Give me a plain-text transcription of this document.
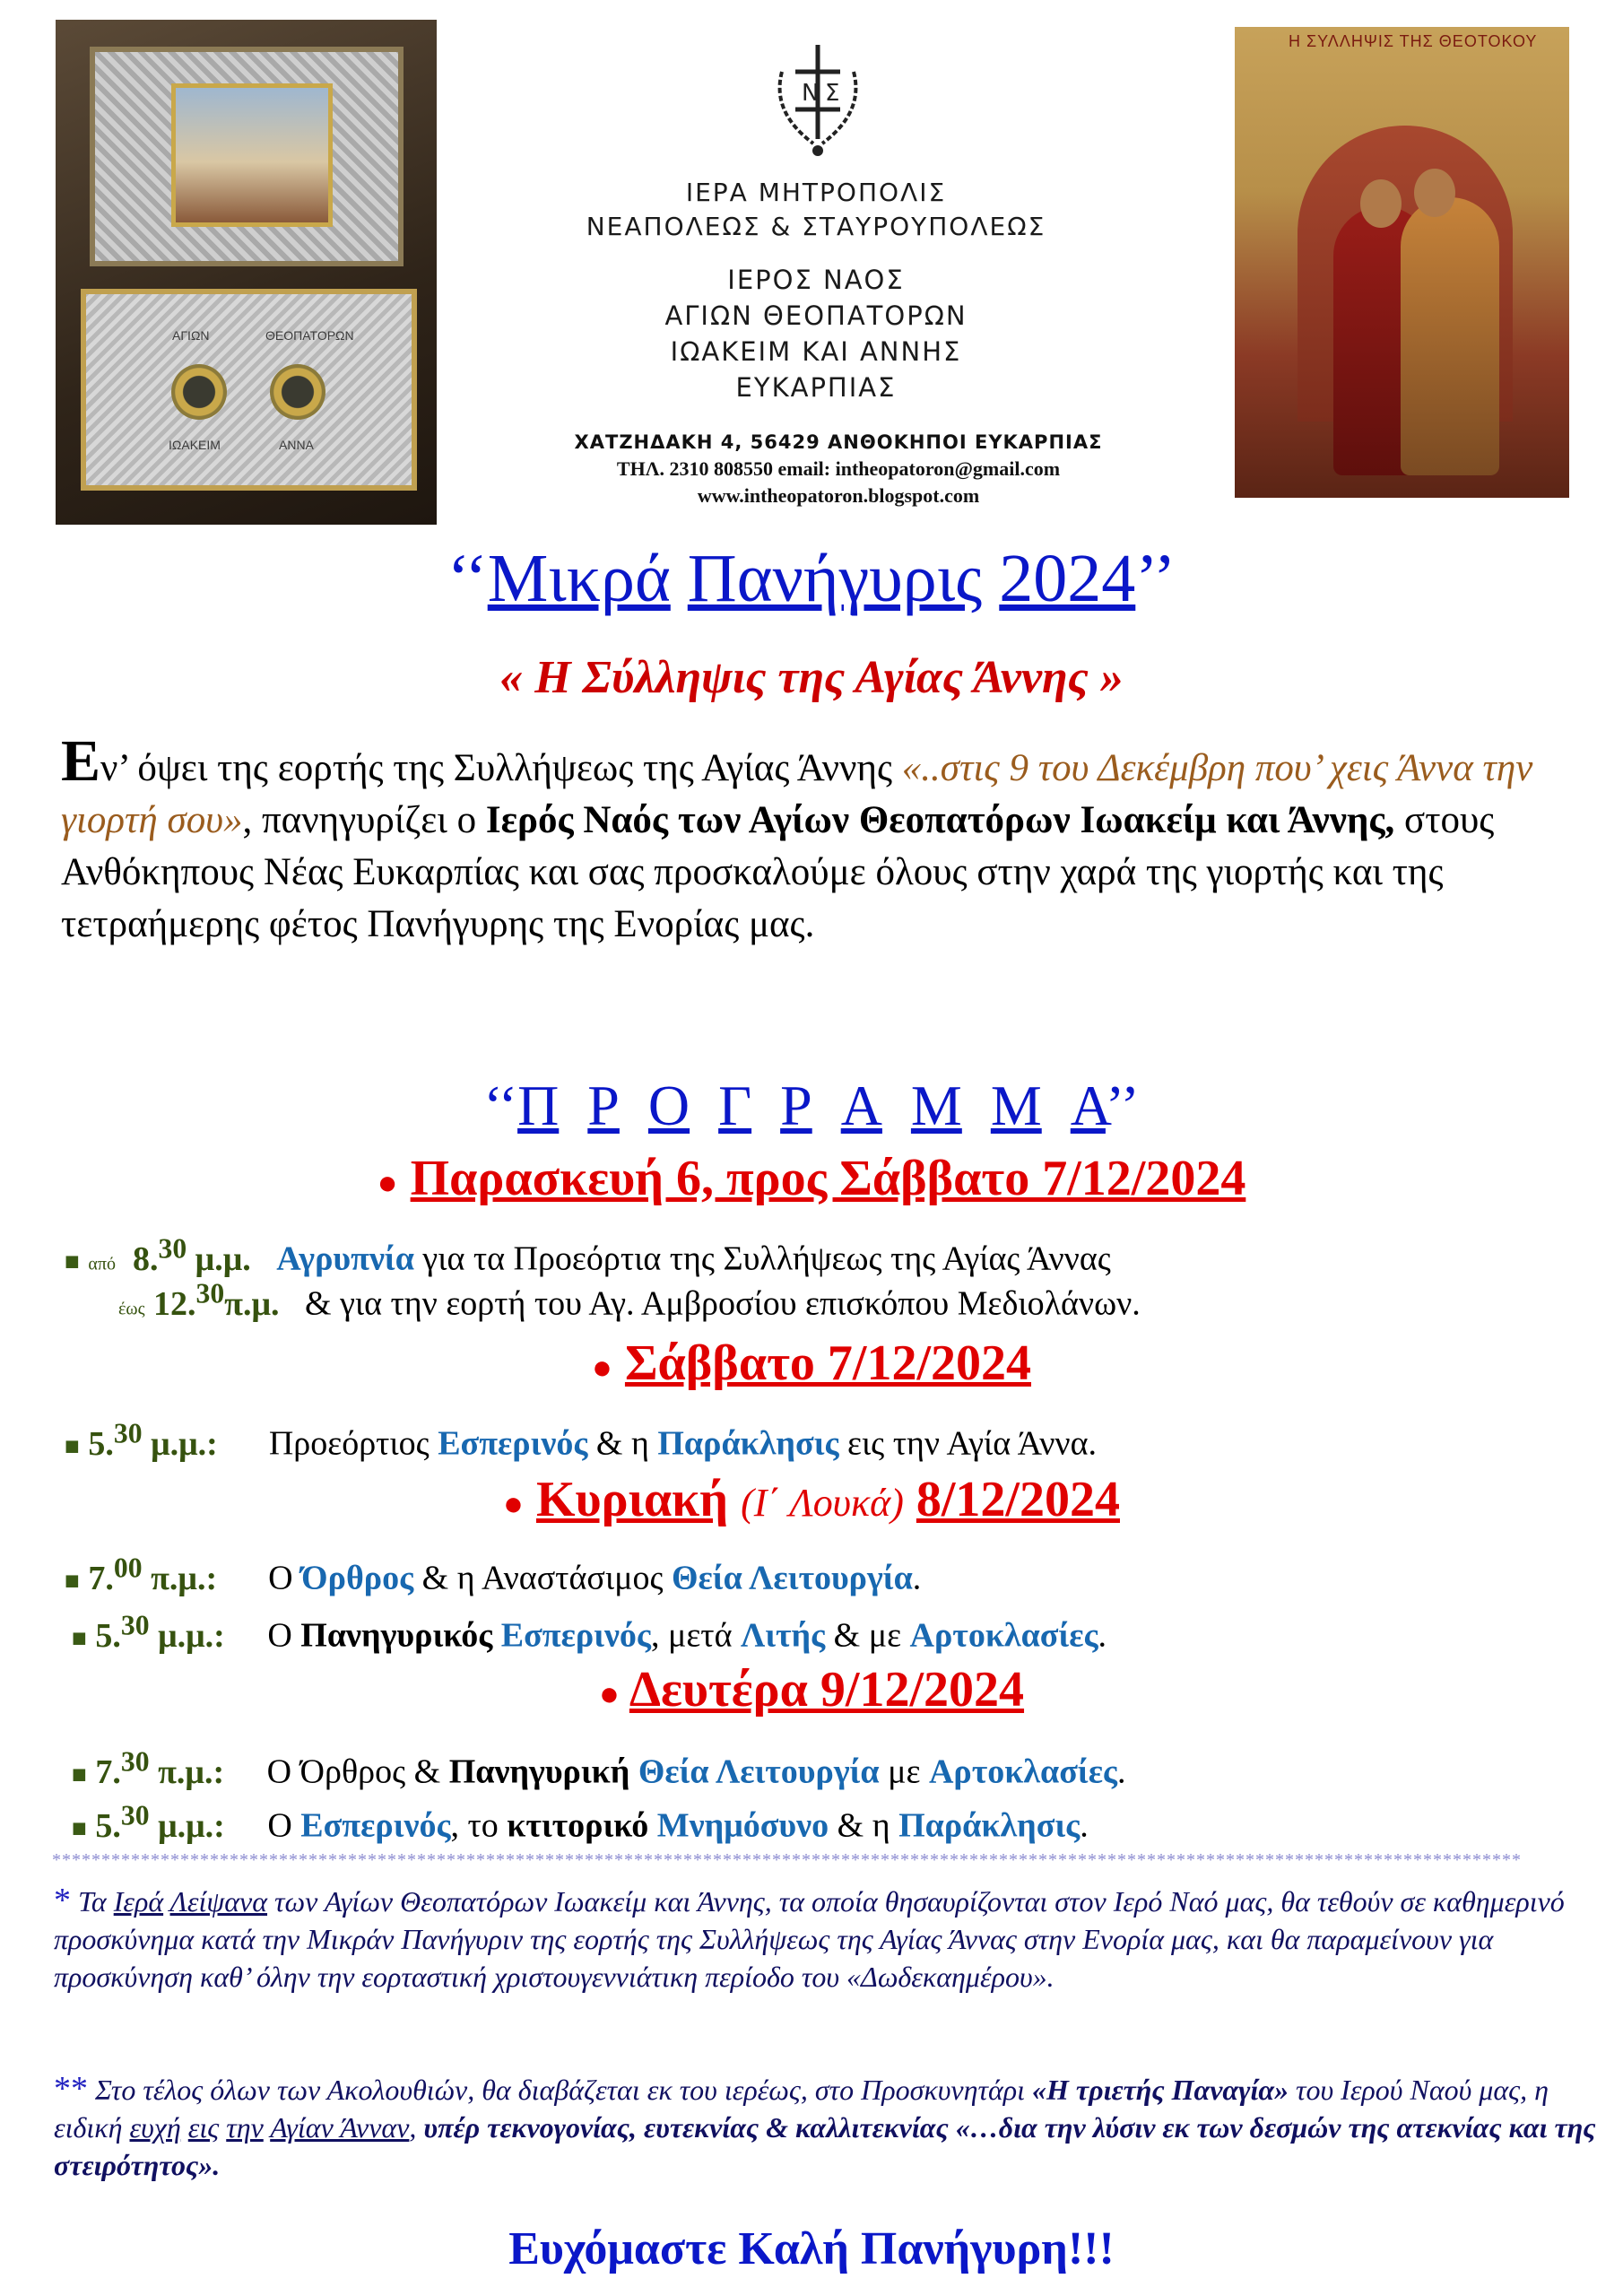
ΑΓΙΩΝ	ΘΕΟΠΑΤΟΡΩΝ
ΙΩΑΚΕΙΜ	ΑΝΝΑ
Ν Σ
ΙΕΡΑ ΜΗΤΡΟΠΟΛΙΣ
ΝΕΑΠΟΛΕΩΣ & ΣΤΑΥΡΟΥΠΟΛΕΩΣ
ΙΕΡΟΣ ΝΑΟΣ
ΑΓΙΩΝ ΘΕΟΠΑΤΟΡΩΝ
ΙΩΑΚΕΙΜ ΚΑΙ ΑΝΝΗΣ
ΕΥΚΑΡΠΙΑΣ
ΧΑΤΖΗΔΑΚΗ 4, 56429 ΑΝΘΟΚΗΠΟΙ ΕΥΚΑΡΠΙΑΣ
ΤΗΛ. 2310 808550 email: intheopatoron@gmail.com
www.intheopatoron.blogspot.com
Η ΣΥΛΛΗΨΙΣ ΤΗΣ ΘΕΟΤΟΚΟΥ
‘‘Μικρά Πανήγυρις 2024’’
« Η Σύλληψις της Αγίας Άννης »
Εν’ όψει της εορτής της Συλλήψεως της Αγίας Άννης «..στις 9 του Δεκέμβρη που’ χεις Άννα την γιορτή σου», πανηγυρίζει ο Ιερός Ναός των Αγίων Θεοπατόρων Ιωακείμ και Άννης, στους Ανθόκηπους Νέας Ευκαρπίας και σας προσκαλούμε όλους στην χαρά της γιορτής και της τετραήμερης φέτος Πανήγυρης της Ενορίας μας.
‘‘Π Ρ Ο Γ Ρ Α Μ Μ Α’’
● Παρασκευή 6, προς Σάββατο 7/12/2024
■ από 8.30 μ.μ. Αγρυπνία για τα Προεόρτια της Συλλήψεως της Αγίας Άννας
έως 12.30π.μ. & για την εορτή του Αγ. Αμβροσίου επισκόπου Μεδιολάνων.
● Σάββατο 7/12/2024
■ 5.30 μ.μ.: Προεόρτιος Εσπερινός & η Παράκλησις εις την Αγία Άννα.
● Κυριακή (Ι΄ Λουκά) 8/12/2024
■ 7.00 π.μ.: Ο Όρθρος & η Αναστάσιμος Θεία Λειτουργία.
■ 5.30 μ.μ.: Ο Πανηγυρικός Εσπερινός, μετά Λιτής & με Αρτοκλασίες.
● Δευτέρα 9/12/2024
■ 7.30 π.μ.: Ο Όρθρος & Πανηγυρική Θεία Λειτουργία με Αρτοκλασίες.
■ 5.30 μ.μ.: Ο Εσπερινός, το κτιτορικό Μνημόσυνο & η Παράκλησις.
*****************************************************************************************************************************************************
* Τα Ιερά Λείψανα των Αγίων Θεοπατόρων Ιωακείμ και Άννης, τα οποία θησαυρίζονται στον Ιερό Ναό μας, θα τεθούν σε καθημερινό προσκύνημα κατά την Μικράν Πανήγυριν της εορτής της Συλλήψεως της Αγίας Άννας στην Ενορία μας, και θα παραμείνουν για προσκύνηση καθ’ όλην την εορταστική χριστουγεννιάτικη περίοδο του «Δωδεκαημέρου».
** Στο τέλος όλων των Ακολουθιών, θα διαβάζεται εκ του ιερέως, στο Προσκυνητάρι «Η τριετής Παναγία» του Ιερού Ναού μας, η ειδική ευχή εις την Αγίαν Άνναν, υπέρ τεκνογονίας, ευτεκνίας & καλλιτεκνίας «…δια την λύσιν εκ των δεσμών της ατεκνίας και της στειρότητος».
Ευχόμαστε Καλή Πανήγυρη!!!
